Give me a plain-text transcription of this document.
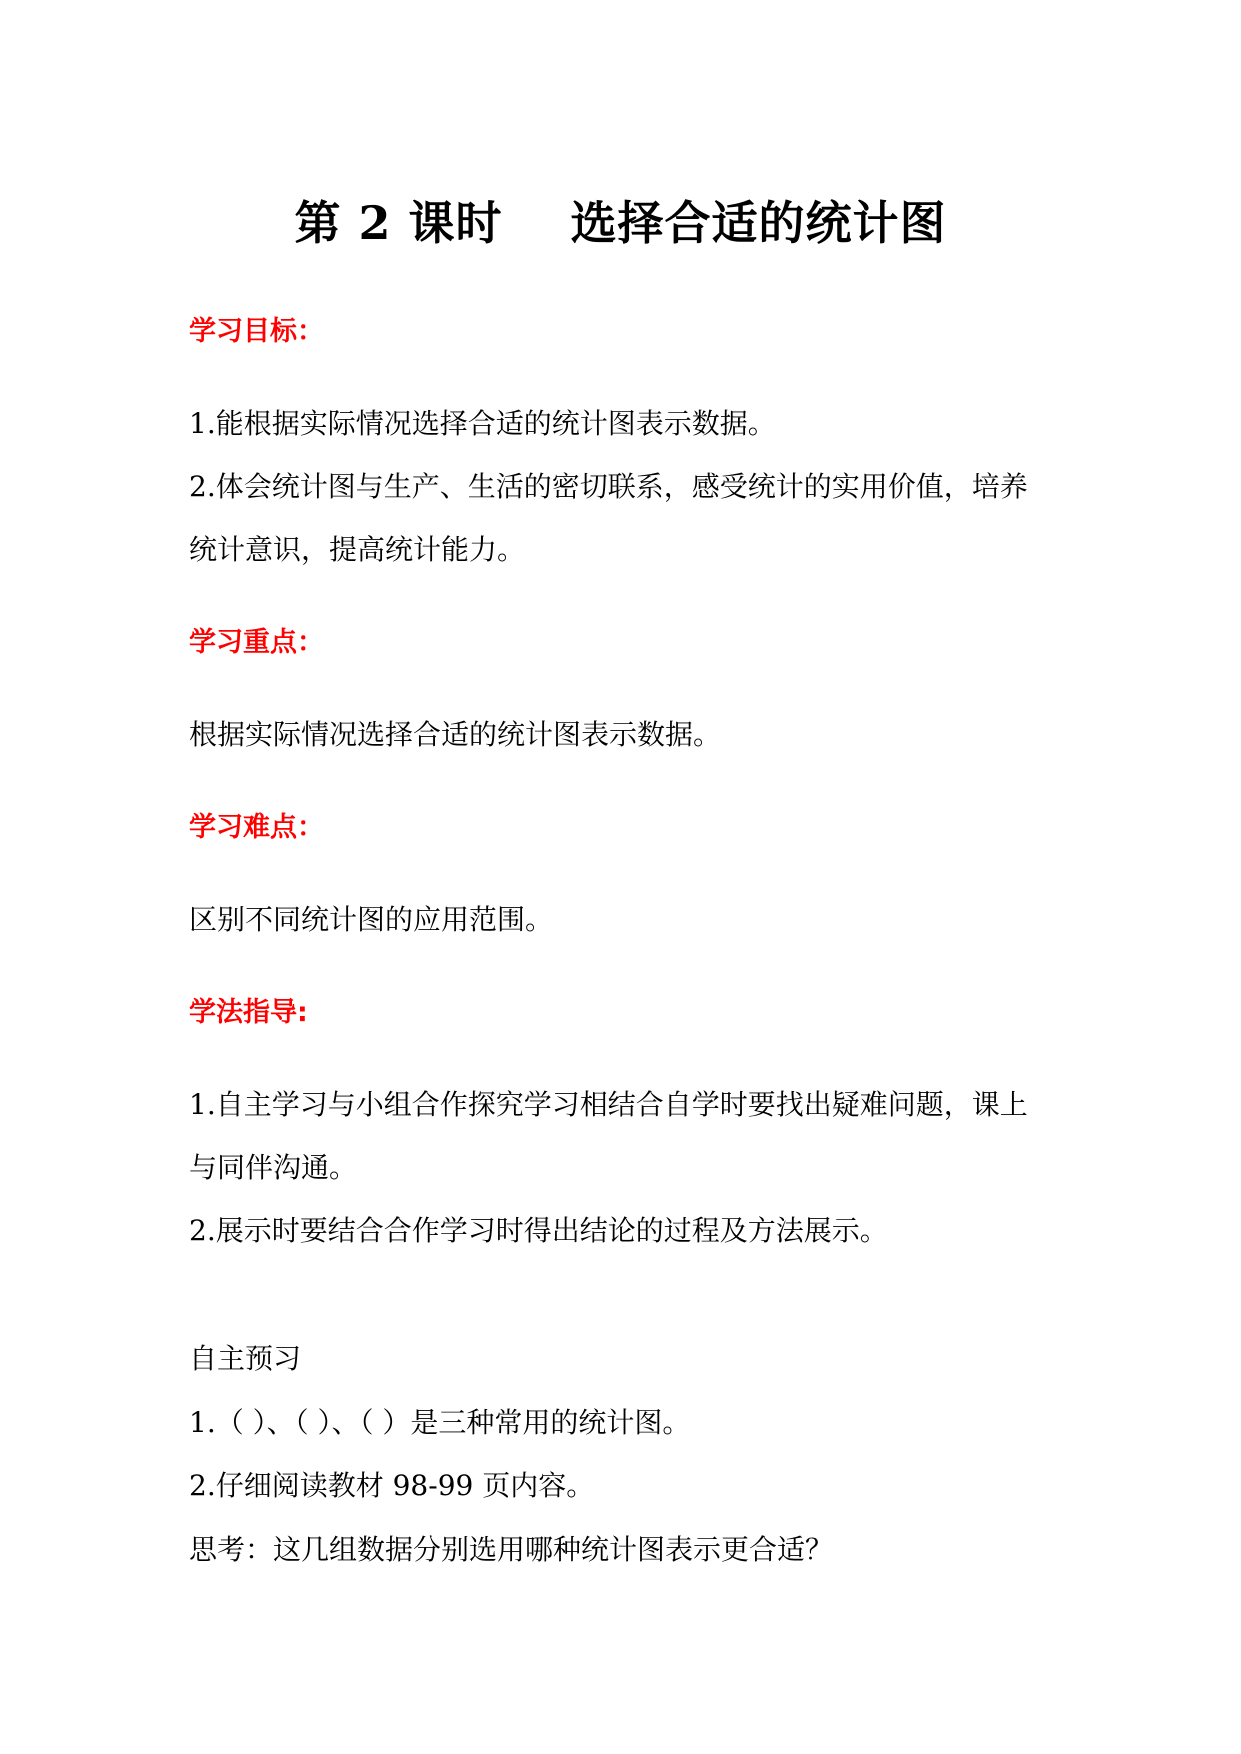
第 2 课时    选择合适的统计图
学习目标：
1.能根据实际情况选择合适的统计图表示数据。
2.体会统计图与生产、生活的密切联系，感受统计的实用价值，培养
统计意识，提高统计能力。
学习重点：
根据实际情况选择合适的统计图表示数据。
学习难点：
区别不同统计图的应用范围。
学法指导:
1.自主学习与小组合作探究学习相结合自学时要找出疑难问题，课上
与同伴沟通。
2.展示时要结合合作学习时得出结论的过程及方法展示。
自主预习
1.（ ）、（ ）、（ ）是三种常用的统计图。
2.仔细阅读教材 98-99 页内容。
思考：这几组数据分别选用哪种统计图表示更合适？
